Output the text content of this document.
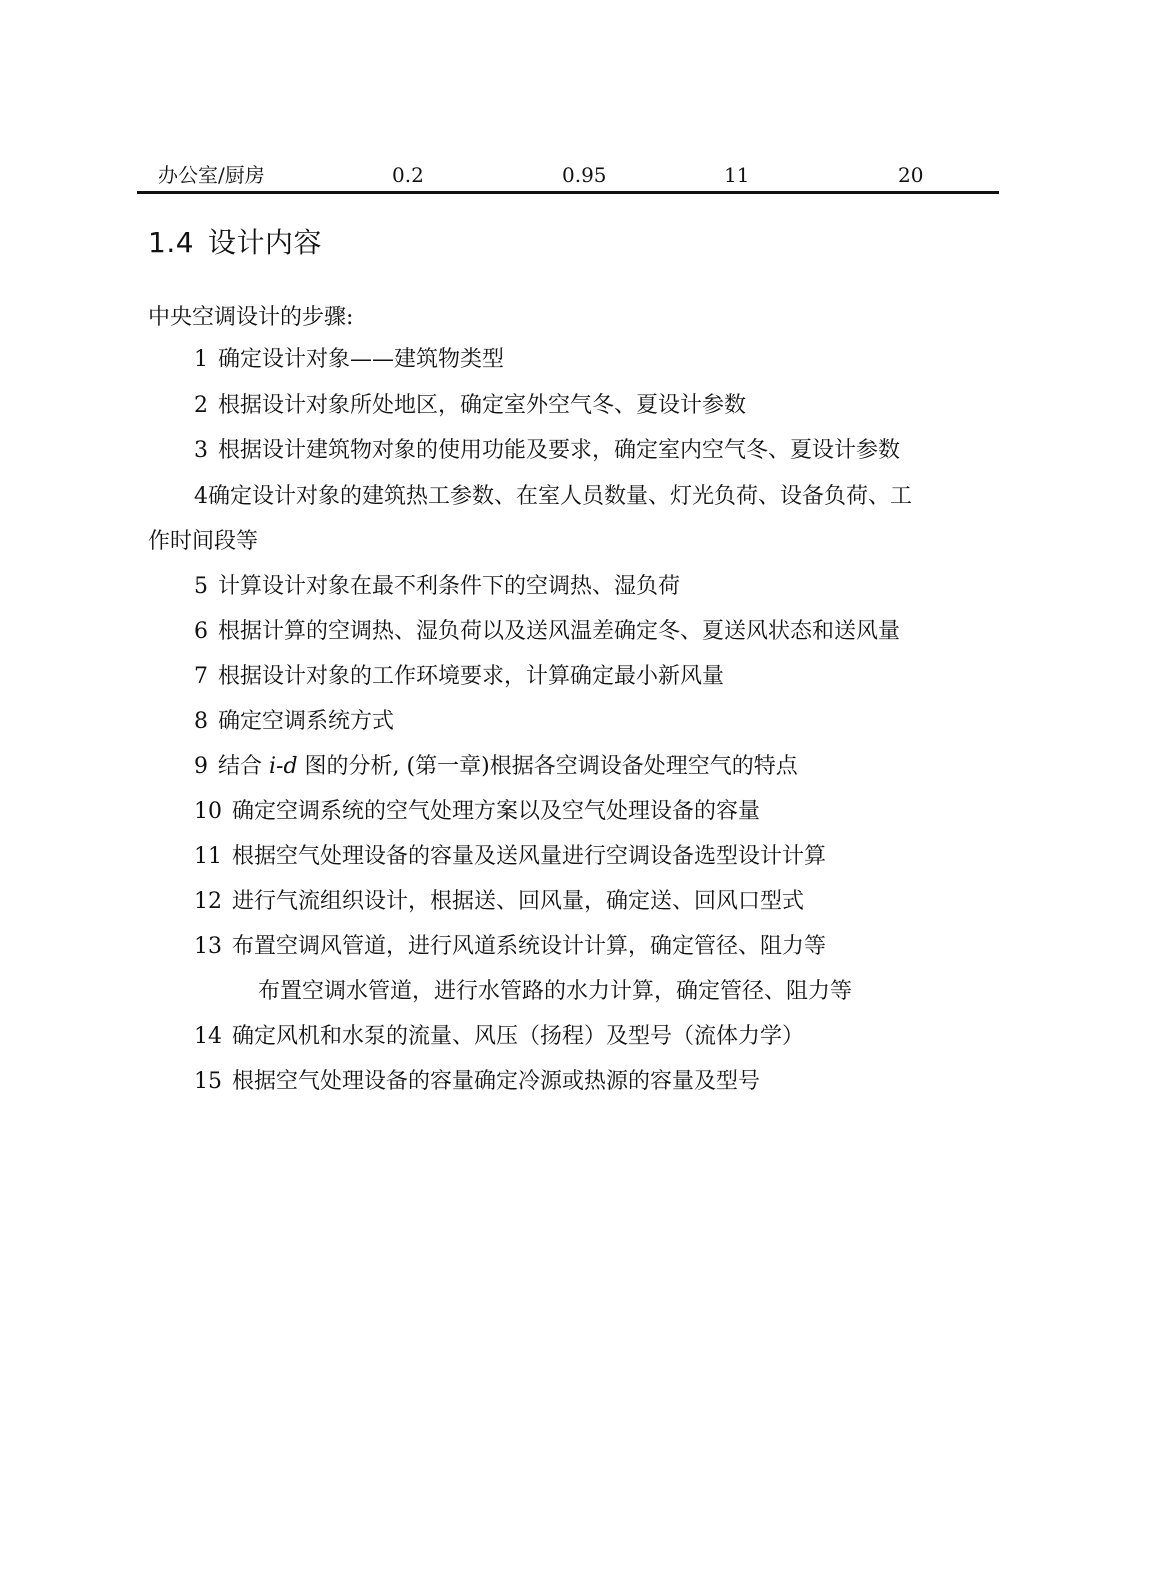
办公室/厨房	0.2	0.95	11	20
1.4 设计内容
中央空调设计的步骤:
1 确定设计对象——建筑物类型
2 根据设计对象所处地区，确定室外空气冬、夏设计参数
3 根据设计建筑物对象的使用功能及要求，确定室内空气冬、夏设计参数
4确定设计对象的建筑热工参数、在室人员数量、灯光负荷、设备负荷、工
作时间段等
5 计算设计对象在最不利条件下的空调热、湿负荷
6 根据计算的空调热、湿负荷以及送风温差确定冬、夏送风状态和送风量
7 根据设计对象的工作环境要求，计算确定最小新风量
8 确定空调系统方式
9 结合 i-d 图的分析, (第一章)根据各空调设备处理空气的特点
10 确定空调系统的空气处理方案以及空气处理设备的容量
11 根据空气处理设备的容量及送风量进行空调设备选型设计计算
12 进行气流组织设计，根据送、回风量，确定送、回风口型式
13 布置空调风管道，进行风道系统设计计算，确定管径、阻力等
布置空调水管道，进行水管路的水力计算，确定管径、阻力等
14 确定风机和水泵的流量、风压（扬程）及型号（流体力学）
15 根据空气处理设备的容量确定冷源或热源的容量及型号
